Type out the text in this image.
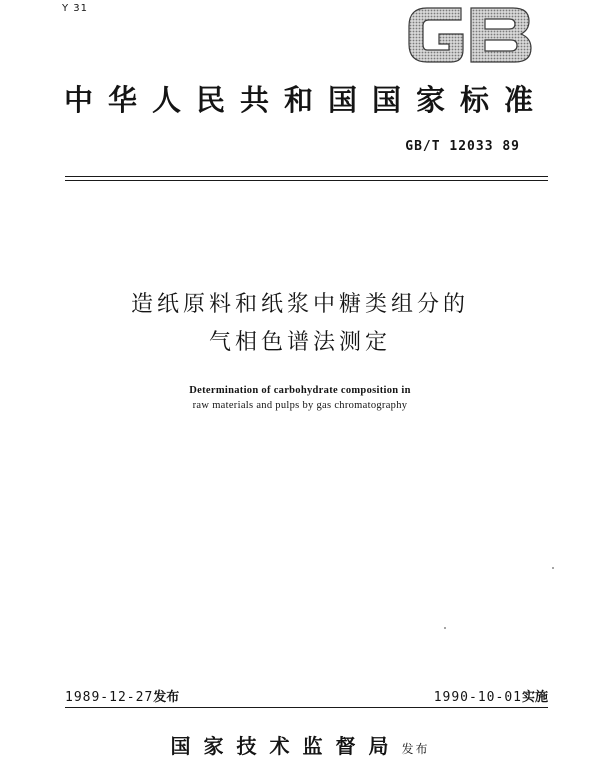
Y 31
中华人民共和国国家标准
GB/T 12033 89
造纸原料和纸浆中糖类组分的
气相色谱法测定
Determination of carbohydrate composition in
raw materials and pulps by gas chromatography
1989-12-27发布	1990-10-01实施
国家技术监督局发布
